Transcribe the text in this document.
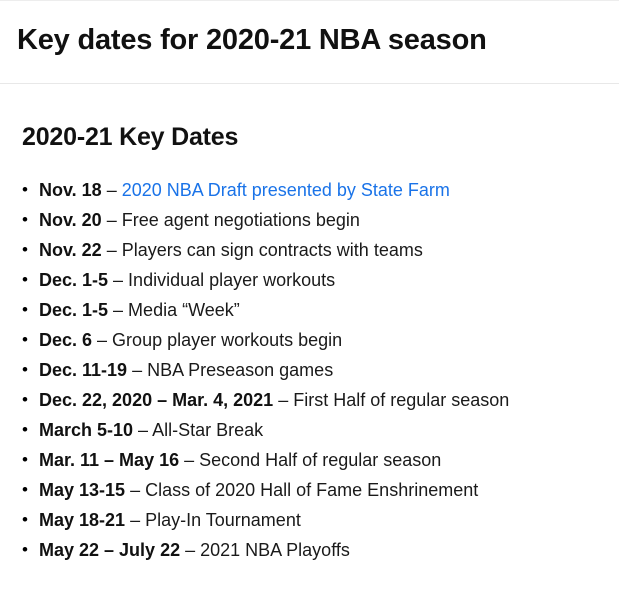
Key dates for 2020-21 NBA season
2020-21 Key Dates
• Nov. 18 – 2020 NBA Draft presented by State Farm
• Nov. 20 – Free agent negotiations begin
• Nov. 22 – Players can sign contracts with teams
• Dec. 1-5 – Individual player workouts
• Dec. 1-5 – Media “Week”
• Dec. 6 – Group player workouts begin
• Dec. 11-19 – NBA Preseason games
• Dec. 22, 2020 – Mar. 4, 2021 – First Half of regular season
• March 5-10 – All-Star Break
• Mar. 11 – May 16 – Second Half of regular season
• May 13-15 – Class of 2020 Hall of Fame Enshrinement
• May 18-21 – Play-In Tournament
• May 22 – July 22 – 2021 NBA Playoffs
